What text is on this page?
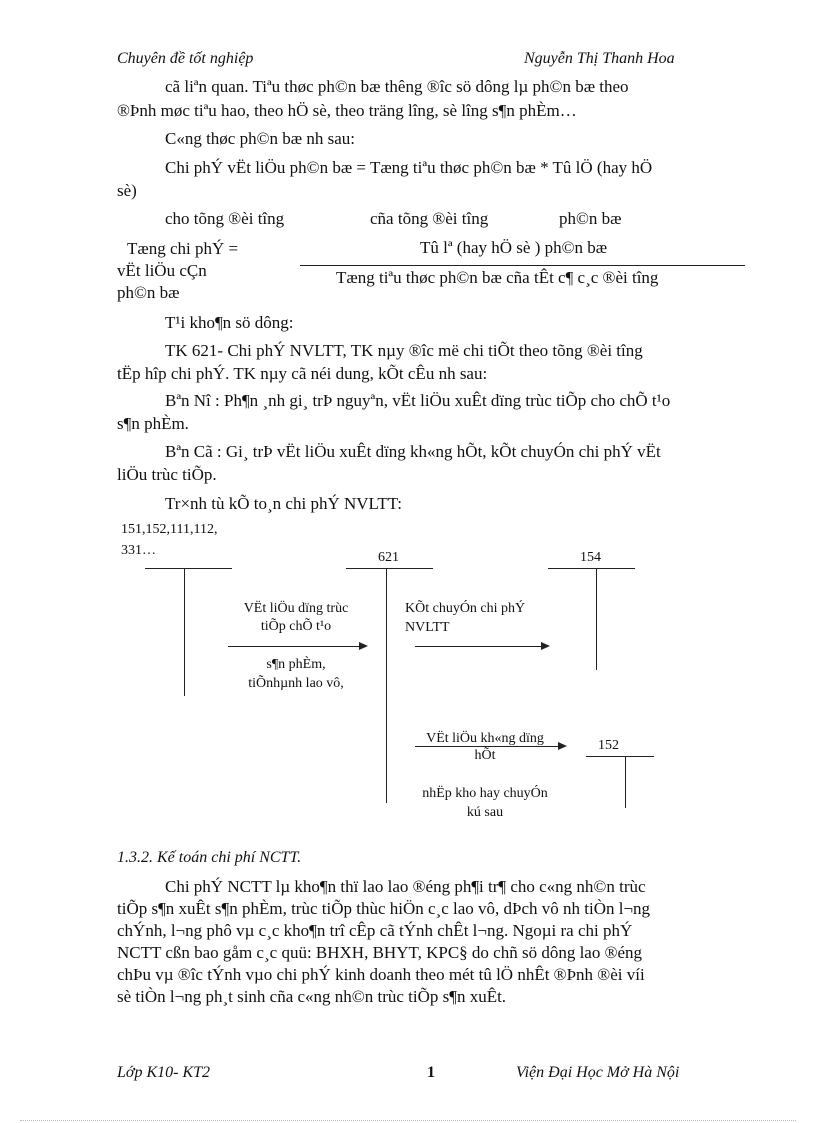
Chuyên đề tốt nghiệp	Nguyễn Thị Thanh Hoa
cã liªn quan. Tiªu thøc ph©n bæ thêng ®îc sö dông lµ ph©n bæ theo
®Þnh møc tiªu hao, theo hÖ sè, theo träng lîng, sè lîng s¶n phÈm…
C«ng thøc ph©n bæ nh sau:
Chi phÝ vËt liÖu ph©n bæ = Tæng tiªu thøc ph©n bæ * Tû lÖ (hay hÖ
sè)
cho tõng ®èi tîng	cña tõng ®èi tîng	ph©n bæ
Tæng chi phÝ =
vËt liÖu cÇn
ph©n bæ
Tû lª (hay hÖ sè ) ph©n bæ
Tæng tiªu thøc ph©n bæ cña tÊt c¶ c¸c ®èi tîng
T¹i kho¶n sö dông:
TK 621- Chi phÝ NVLTT, TK nµy ®îc më chi tiÕt theo tõng ®èi tîng
tËp hîp chi phÝ. TK nµy cã néi dung, kÕt cÊu nh sau:
Bªn Nî : Ph¶n ¸nh gi¸ trÞ nguyªn, vËt liÖu xuÊt dïng trùc tiÕp cho chÕ t¹o
s¶n phÈm.
Bªn Cã : Gi¸ trÞ vËt liÖu xuÊt dïng kh«ng hÕt, kÕt chuyÓn chi phÝ vËt
liÖu trùc tiÕp.
Tr×nh tù kÕ to¸n chi phÝ NVLTT:
151,152,111,112,
331…	621	154
152
VËt liÖu dïng trùc
tiÕp chÕ t¹o
s¶n phÈm,
tiÕnhµnh lao vô,
KÕt chuyÓn chi phÝ
NVLTT
VËt liÖu kh«ng dïng
hÕt
nhËp kho hay chuyÓn
kú sau
1.3.2. Kế toán chi phí NCTT.
Chi phÝ NCTT lµ kho¶n thï lao lao ®éng ph¶i tr¶ cho c«ng nh©n trùc
tiÕp s¶n xuÊt s¶n phÈm, trùc tiÕp thùc hiÖn c¸c lao vô, dÞch vô nh tiÒn l¬ng
chÝnh, l¬ng phô vµ c¸c kho¶n trî cÊp cã tÝnh chÊt l¬ng. Ngoµi ra chi phÝ
NCTT cßn bao gåm c¸c quü: BHXH, BHYT, KPC§ do chñ sö dông lao ®éng
chÞu vµ ®îc tÝnh vµo chi phÝ kinh doanh theo mét tû lÖ nhÊt ®Þnh ®èi víi
sè tiÒn l¬ng ph¸t sinh cña c«ng nh©n trùc tiÕp s¶n xuÊt.
Lớp K10- KT2	1	Viện Đại Học Mở Hà Nội
